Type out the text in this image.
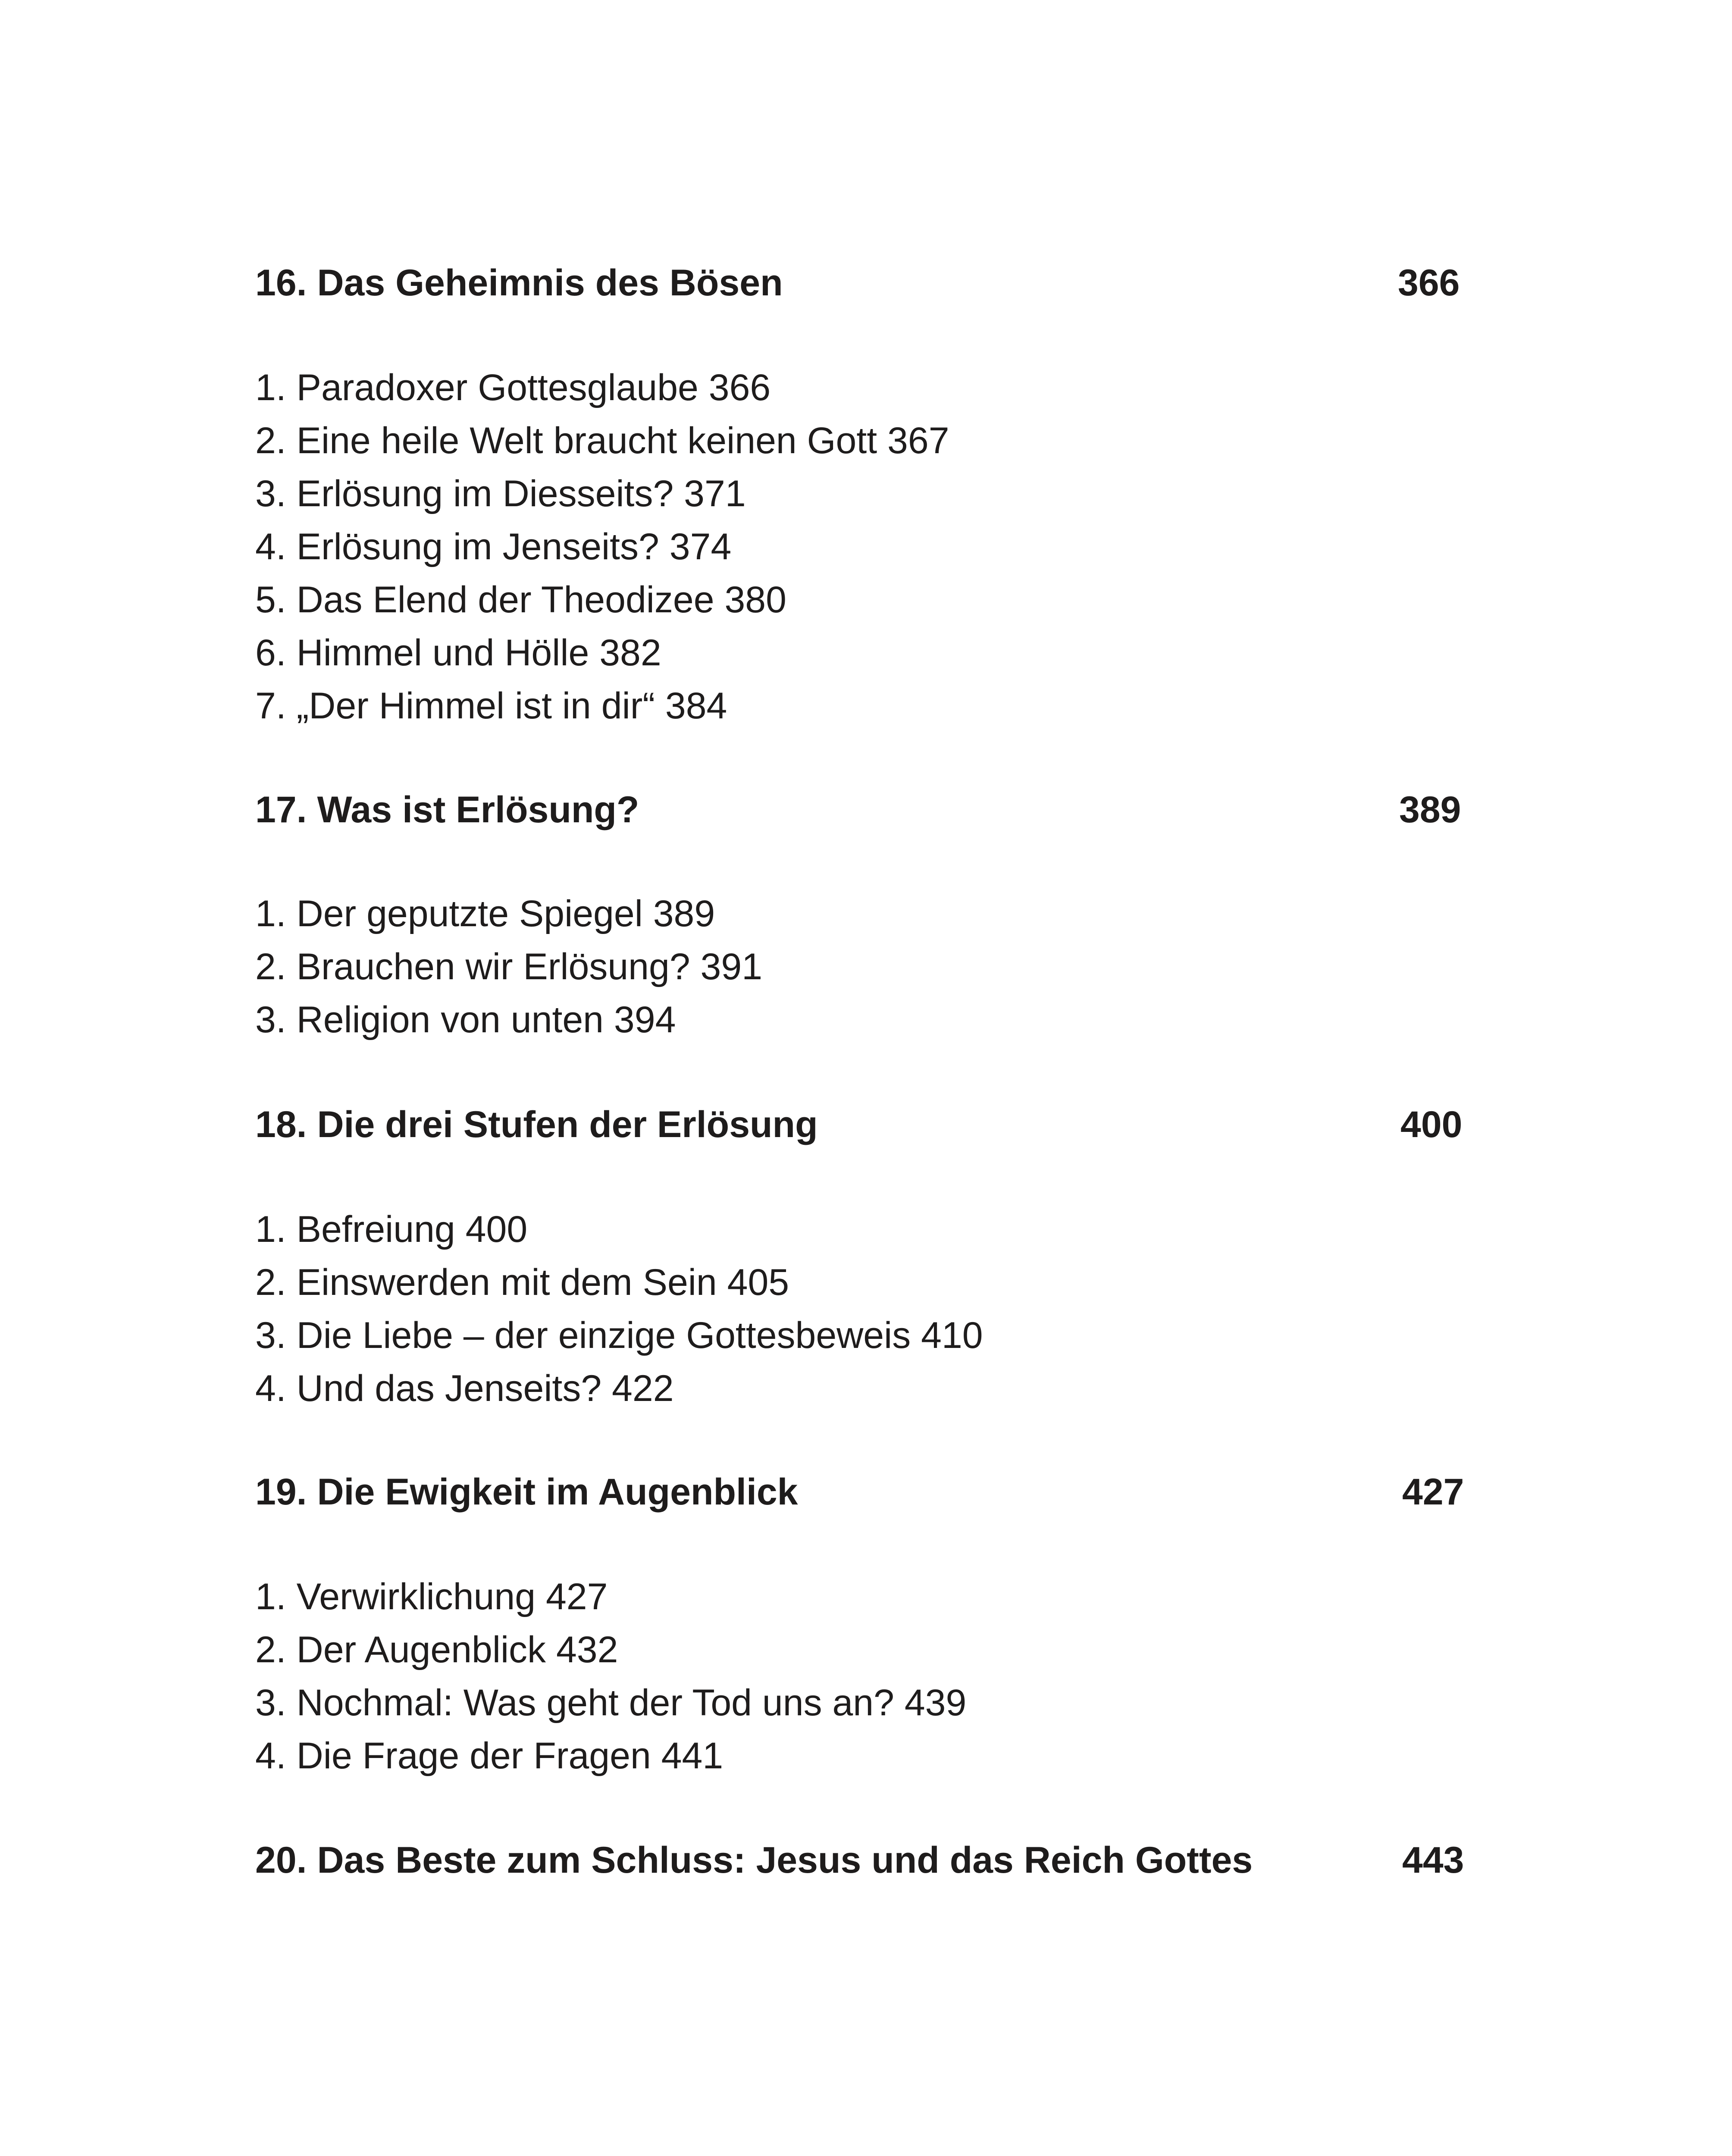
16. Das Geheimnis des Bösen	366
1. Paradoxer Gottesglaube 366
2. Eine heile Welt braucht keinen Gott 367
3. Erlösung im Diesseits? 371
4. Erlösung im Jenseits? 374
5. Das Elend der Theodizee 380
6. Himmel und Hölle 382
7. „Der Himmel ist in dir“ 384
17. Was ist Erlösung?	389
1. Der geputzte Spiegel 389
2. Brauchen wir Erlösung? 391
3. Religion von unten 394
18. Die drei Stufen der Erlösung	400
1. Befreiung 400
2. Einswerden mit dem Sein 405
3. Die Liebe – der einzige Gottesbeweis 410
4. Und das Jenseits? 422
19. Die Ewigkeit im Augenblick	427
1. Verwirklichung 427
2. Der Augenblick 432
3. Nochmal: Was geht der Tod uns an? 439
4. Die Frage der Fragen 441
20. Das Beste zum Schluss: Jesus und das Reich Gottes	443
